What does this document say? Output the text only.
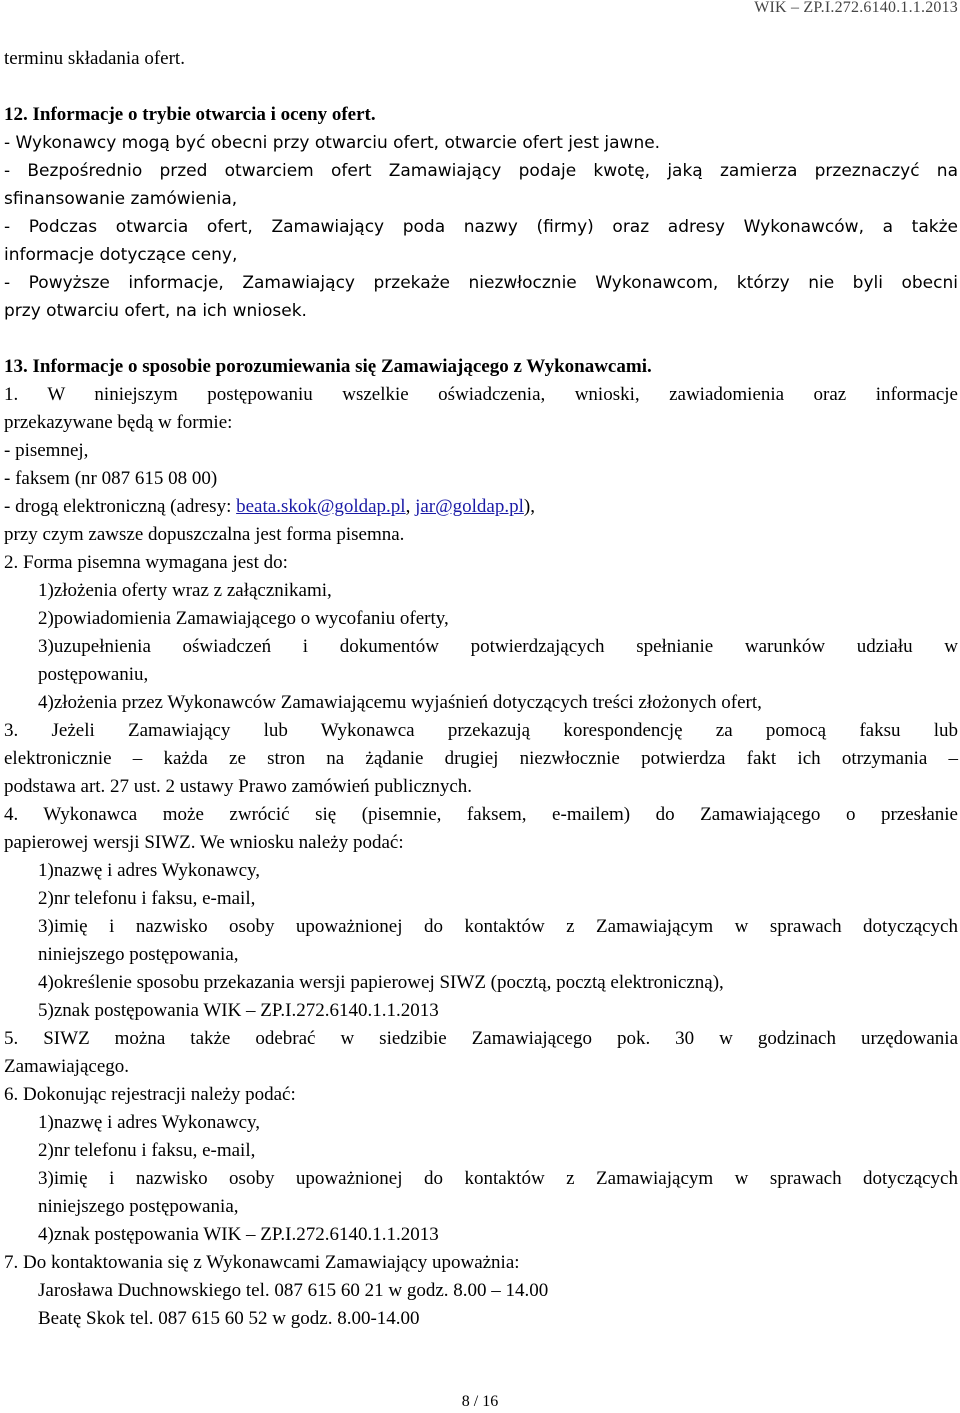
WIK – ZP.I.272.6140.1.1.2013
terminu składania ofert.
12. Informacje o trybie otwarcia i oceny ofert.
- Wykonawcy mogą być obecni przy otwarciu ofert, otwarcie ofert jest jawne.
- Bezpośrednio przed otwarciem ofert Zamawiający podaje kwotę, jaką zamierza przeznaczyć na
sfinansowanie zamówienia,
- Podczas otwarcia ofert, Zamawiający poda nazwy (firmy) oraz adresy Wykonawców, a także
informacje dotyczące ceny,
- Powyższe informacje, Zamawiający przekaże niezwłocznie Wykonawcom, którzy nie byli obecni
przy otwarciu ofert, na ich wniosek.
13. Informacje o sposobie porozumiewania się Zamawiającego z Wykonawcami.
1. W niniejszym postępowaniu wszelkie oświadczenia, wnioski, zawiadomienia oraz informacje
przekazywane będą w formie:
- pisemnej,
- faksem (nr 087 615 08 00)
- drogą elektroniczną (adresy: beata.skok@goldap.pl, jar@goldap.pl),
przy czym zawsze dopuszczalna jest forma pisemna.
2. Forma pisemna wymagana jest do:
1)złożenia oferty wraz z załącznikami,
2)powiadomienia Zamawiającego o wycofaniu oferty,
3)uzupełnienia oświadczeń i dokumentów potwierdzających spełnianie warunków udziału w
postępowaniu,
4)złożenia przez Wykonawców Zamawiającemu wyjaśnień dotyczących treści złożonych ofert,
3. Jeżeli Zamawiający lub Wykonawca przekazują korespondencję za pomocą faksu lub
elektronicznie – każda ze stron na żądanie drugiej niezwłocznie potwierdza fakt ich otrzymania –
podstawa art. 27 ust. 2 ustawy Prawo zamówień publicznych.
4. Wykonawca może zwrócić się (pisemnie, faksem, e-mailem) do Zamawiającego o przesłanie
papierowej wersji SIWZ. We wniosku należy podać:
1)nazwę i adres Wykonawcy,
2)nr telefonu i faksu, e-mail,
3)imię i nazwisko osoby upoważnionej do kontaktów z Zamawiającym w sprawach dotyczących
niniejszego postępowania,
4)określenie sposobu przekazania wersji papierowej SIWZ (pocztą, pocztą elektroniczną),
5)znak postępowania WIK – ZP.I.272.6140.1.1.2013
5. SIWZ można także odebrać w siedzibie Zamawiającego pok. 30 w godzinach urzędowania
Zamawiającego.
6. Dokonując rejestracji należy podać:
1)nazwę i adres Wykonawcy,
2)nr telefonu i faksu, e-mail,
3)imię i nazwisko osoby upoważnionej do kontaktów z Zamawiającym w sprawach dotyczących
niniejszego postępowania,
4)znak postępowania WIK – ZP.I.272.6140.1.1.2013
7. Do kontaktowania się z Wykonawcami Zamawiający upoważnia:
Jarosława Duchnowskiego tel. 087 615 60 21 w godz. 8.00 – 14.00
Beatę Skok tel. 087 615 60 52 w godz. 8.00-14.00
8 / 16
